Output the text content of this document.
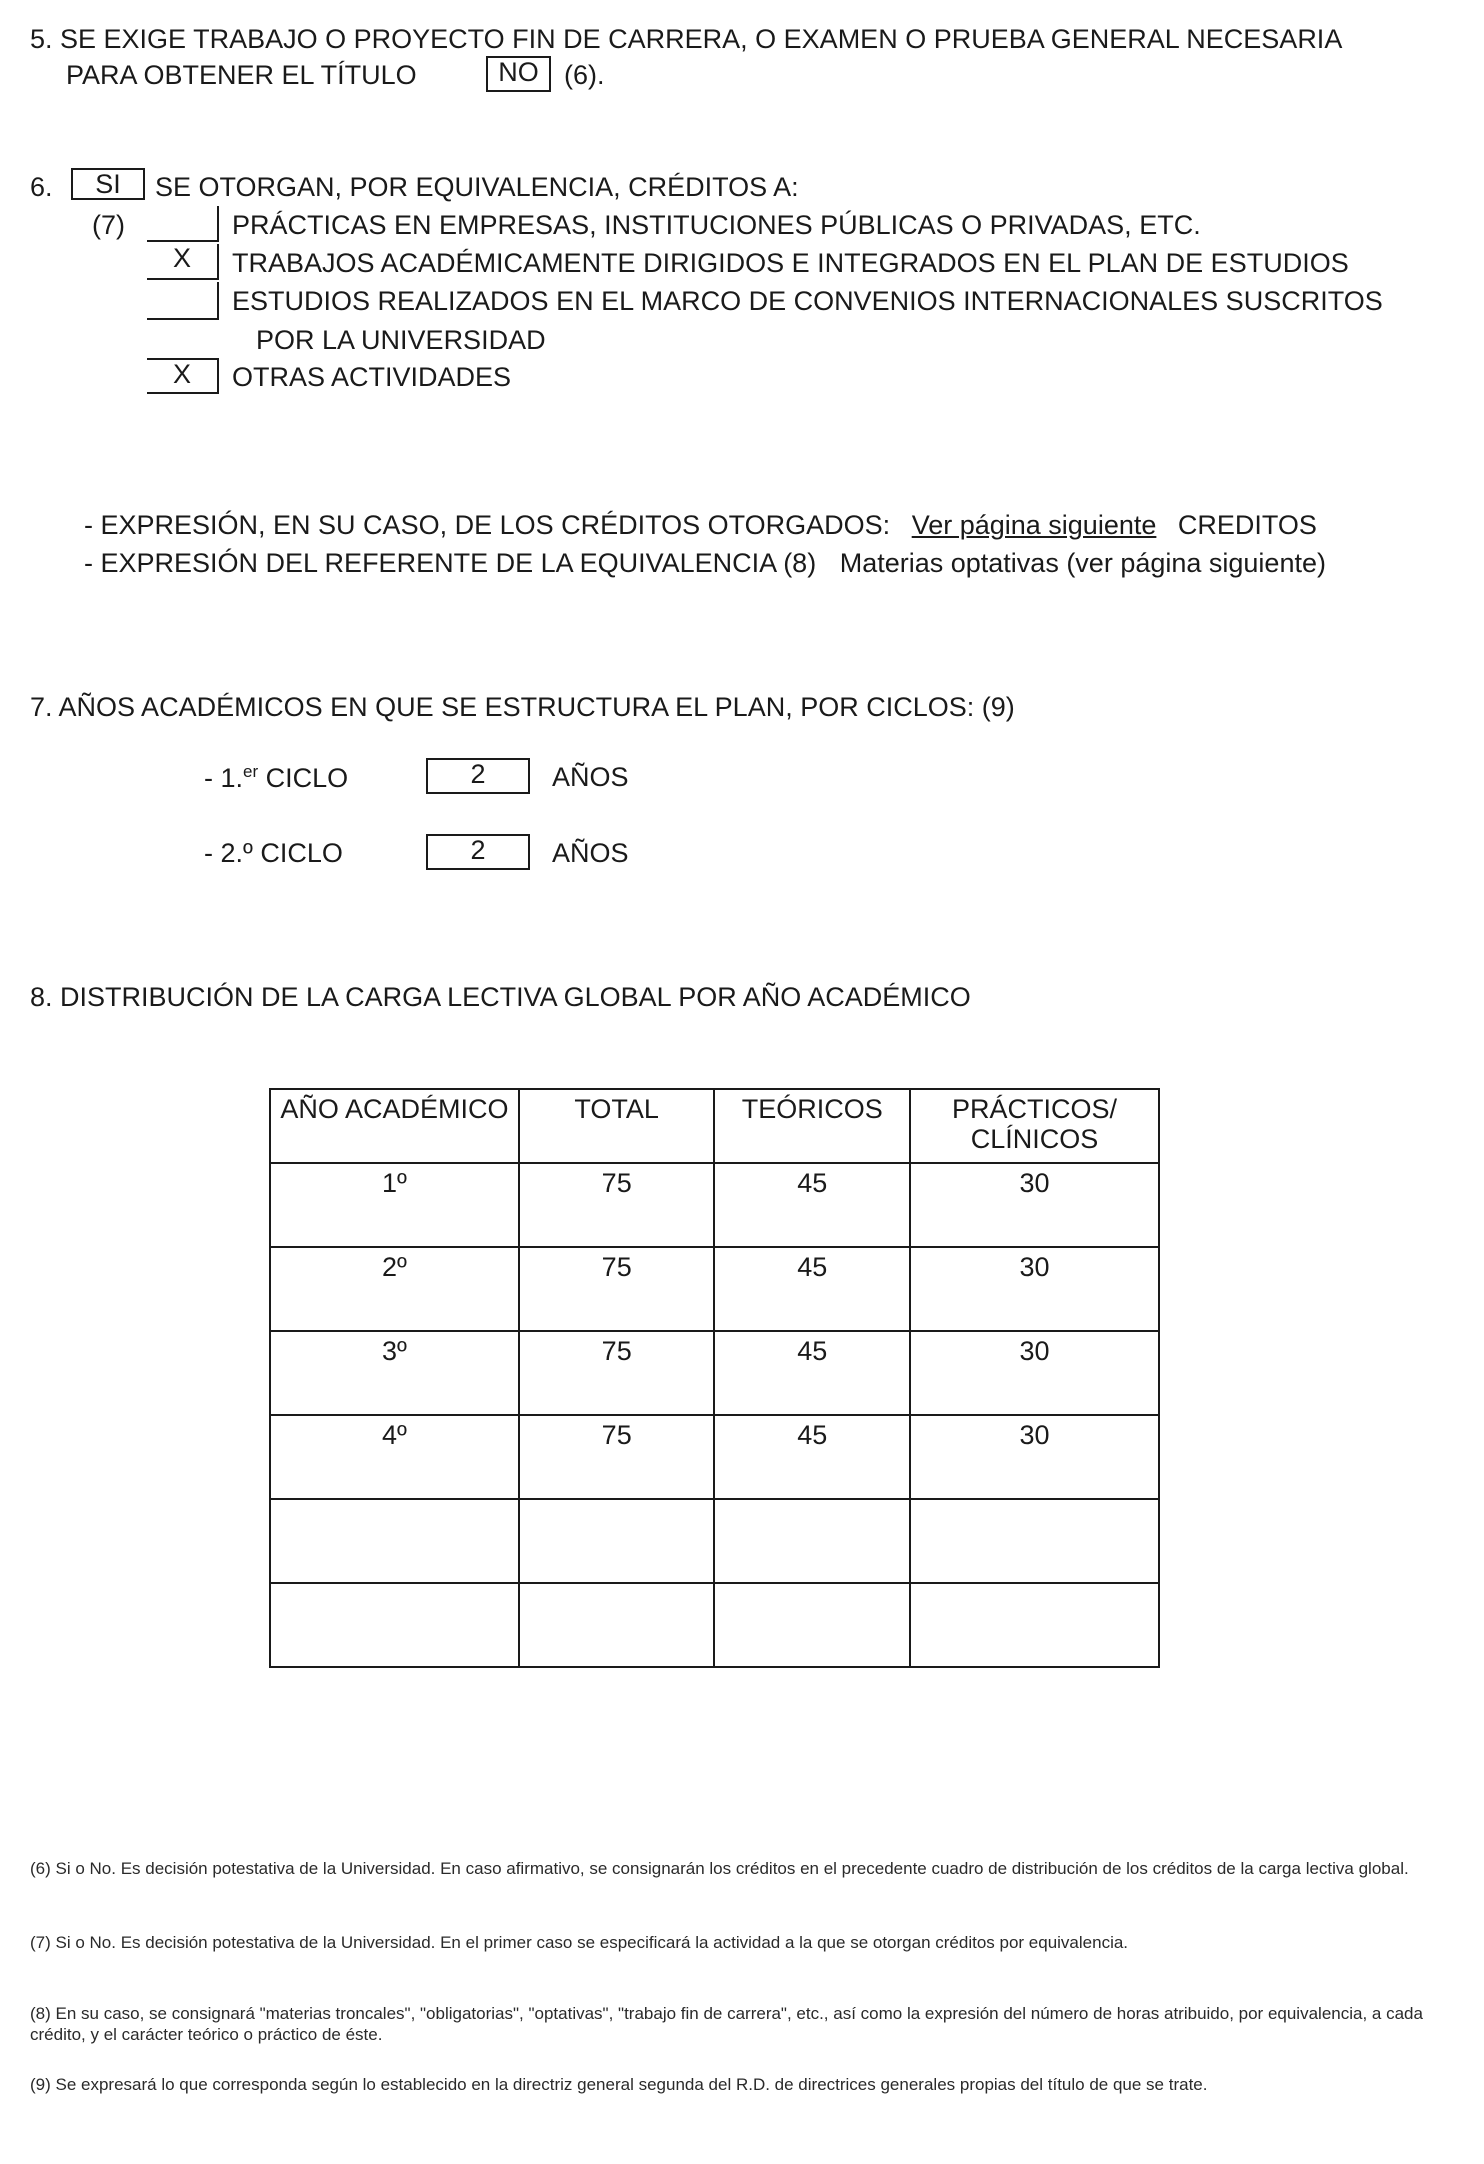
5. SE EXIGE TRABAJO O PROYECTO FIN DE CARRERA, O EXAMEN O PRUEBA GENERAL NECESARIA
PARA OBTENER EL TÍTULO	NO (6).
6.	SI	SE OTORGAN, POR EQUIVALENCIA, CRÉDITOS A:
(7)	PRÁCTICAS EN EMPRESAS, INSTITUCIONES PÚBLICAS O PRIVADAS, ETC.
X	TRABAJOS ACADÉMICAMENTE DIRIGIDOS E INTEGRADOS EN EL PLAN DE ESTUDIOS
ESTUDIOS REALIZADOS EN EL MARCO DE CONVENIOS INTERNACIONALES SUSCRITOS
POR LA UNIVERSIDAD
X	OTRAS ACTIVIDADES
- EXPRESIÓN, EN SU CASO, DE LOS CRÉDITOS OTORGADOS: Ver página siguiente CREDITOS
- EXPRESIÓN DEL REFERENTE DE LA EQUIVALENCIA (8) Materias optativas (ver página siguiente)
7. AÑOS ACADÉMICOS EN QUE SE ESTRUCTURA EL PLAN, POR CICLOS: (9)
- 1.$^{er}$ CICLO	2	AÑOS
- 2.º CICLO	2	AÑOS
8. DISTRIBUCIÓN DE LA CARGA LECTIVA GLOBAL POR AÑO ACADÉMICO
AÑO ACADÉMICO	TOTAL	TEÓRICOS	PRÁCTICOS/ CLÍNICOS
1º	75	45	30
2º	75	45	30
3º	75	45	30
4º	75	45	30

(6) Si o No. Es decisión potestativa de la Universidad. En caso afirmativo, se consignarán los créditos en el precedente cuadro de distribución de los créditos de la carga lectiva global.
(7) Si o No. Es decisión potestativa de la Universidad. En el primer caso se especificará la actividad a la que se otorgan créditos por equivalencia.
(8) En su caso, se consignará "materias troncales", "obligatorias", "optativas", "trabajo fin de carrera", etc., así como la expresión del número de horas atribuido, por equivalencia, a cada crédito, y el carácter teórico o práctico de éste.
(9) Se expresará lo que corresponda según lo establecido en la directriz general segunda del R.D. de directrices generales propias del título de que se trate.
